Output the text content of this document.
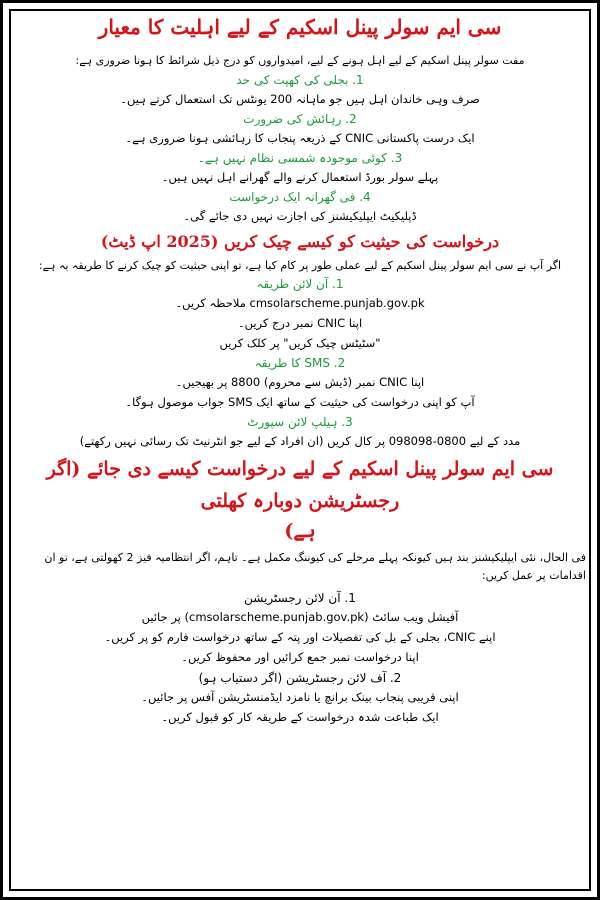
سی ایم سولر پینل اسکیم کے لیے اہلیت کا معیار
مفت سولر پینل اسکیم کے لیے اہل ہونے کے لیے، امیدواروں کو درج ذیل شرائط کا ہونا ضروری ہے:
1. بجلی کی کھپت کی حد
صرف وہی خاندان اہل ہیں جو ماہانہ 200 یونٹس تک استعمال کرتے ہیں۔
2. رہائش کی ضرورت
ایک درست پاکستانی CNIC کے ذریعہ پنجاب کا رہائشی ہونا ضروری ہے۔
3. کوئی موجودہ شمسی نظام نہیں ہے۔
پہلے سولر بورڈ استعمال کرنے والے گھرانے اہل نہیں ہیں۔
4. فی گھرانہ ایک درخواست
ڈپلیکیٹ ایپلیکیشنز کی اجازت نہیں دی جائے گی۔
درخواست کی حیثیت کو کیسے چیک کریں (2025 اپ ڈیٹ)
اگر آپ نے سی ایم سولر پینل اسکیم کے لیے عملی طور پر کام کیا ہے، تو اپنی حیثیت کو چیک کرنے کا طریقہ یہ ہے:
1. آن لائن طریقہ
cmsolarscheme.punjab.gov.pk ملاحظہ کریں۔
اپنا CNIC نمبر درج کریں۔
"سٹیٹس چیک کریں" پر کلک کریں
2. SMS کا طریقہ
اپنا CNIC نمبر (ڈیش سے محروم) 8800 پر بھیجیں۔
آپ کو اپنی درخواست کی حیثیت کے ساتھ ایک SMS جواب موصول ہوگا۔
3. ہیلپ لائن سپورٹ
مدد کے لیے 0800-098098 پر کال کریں (ان افراد کے لیے جو انٹرنیٹ تک رسائی نہیں رکھتے)
سی ایم سولر پینل اسکیم کے لیے درخواست کیسے دی جائے (اگر رجسٹریشن دوبارہ کھلتی
ہے)
فی الحال، نئی ایپلیکیشنز بند ہیں کیونکہ پہلے مرحلے کی کیوننگ مکمل ہے۔ تاہم، اگر انتظامیہ فیز 2 کھولتی ہے، تو ان اقدامات پر عمل کریں:
1. آن لائن رجسٹریشن
آفیشل ویب سائٹ (cmsolarscheme.punjab.gov.pk) پر جائیں
اپنے CNIC، بجلی کے بل کی تفصیلات اور پتہ کے ساتھ درخواست فارم کو پر کریں۔
اپنا درخواست نمبر جمع کرائیں اور محفوظ کریں۔
2. آف لائن رجسٹریشن (اگر دستیاب ہو)
اپنی قریبی پنجاب بینک برانچ یا نامزد ایڈمنسٹریشن آفس پر جائیں۔
ایک طباعت شدہ درخواست کے طریقہ کار کو قبول کریں۔
